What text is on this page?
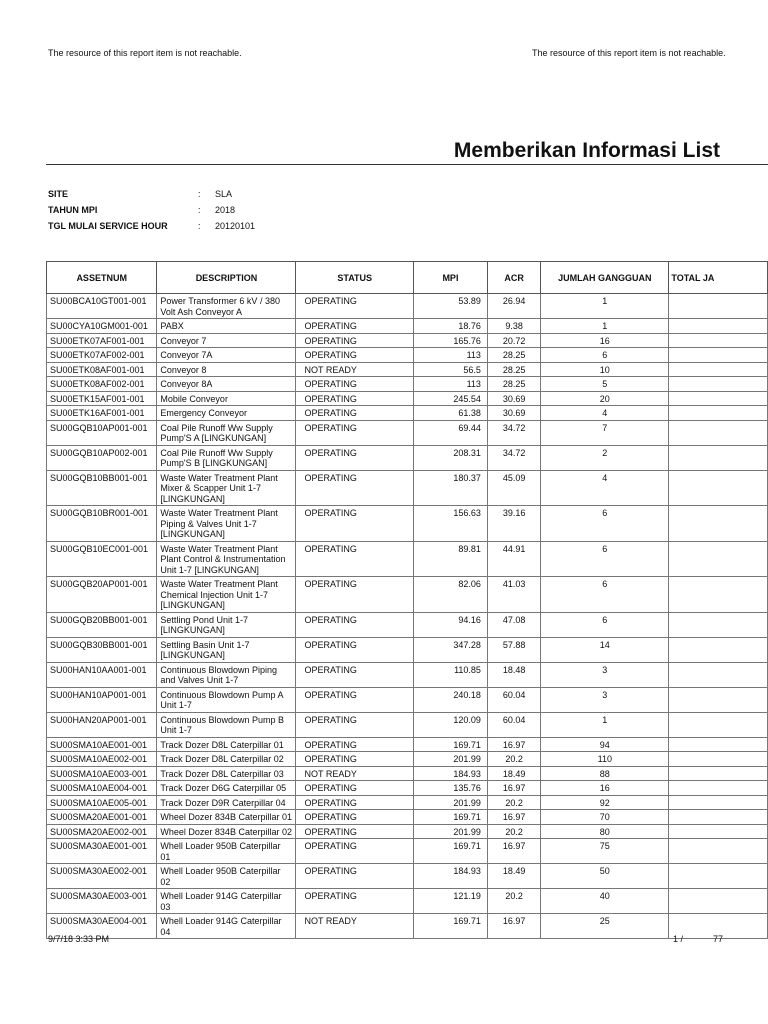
The resource of this report item is not reachable.	The resource of this report item is not reachable.
Memberikan Informasi List
SITE	:	SLA
TAHUN MPI	:	2018
TGL MULAI SERVICE HOUR	:	20120101
ASSETNUM	DESCRIPTION	STATUS	MPI	ACR	JUMLAH GANGGUAN	TOTAL JA
SU00BCA10GT001-001	Power Transformer 6 kV / 380 Volt Ash Conveyor A	OPERATING	53.89	26.94	1	
SU00CYA10GM001-001	PABX	OPERATING	18.76	9.38	1	
SU00ETK07AF001-001	Conveyor 7	OPERATING	165.76	20.72	16	
SU00ETK07AF002-001	Conveyor 7A	OPERATING	113	28.25	6	
SU00ETK08AF001-001	Conveyor 8	NOT READY	56.5	28.25	10	
SU00ETK08AF002-001	Conveyor 8A	OPERATING	113	28.25	5	
SU00ETK15AF001-001	Mobile Conveyor	OPERATING	245.54	30.69	20	
SU00ETK16AF001-001	Emergency Conveyor	OPERATING	61.38	30.69	4	
SU00GQB10AP001-001	Coal Pile Runoff Ww Supply Pump'S A [LINGKUNGAN]	OPERATING	69.44	34.72	7	
SU00GQB10AP002-001	Coal Pile Runoff Ww Supply Pump'S B [LINGKUNGAN]	OPERATING	208.31	34.72	2	
SU00GQB10BB001-001	Waste Water Treatment Plant Mixer & Scapper Unit 1-7 [LINGKUNGAN]	OPERATING	180.37	45.09	4	
SU00GQB10BR001-001	Waste Water Treatment Plant Piping & Valves Unit 1-7 [LINGKUNGAN]	OPERATING	156.63	39.16	6	
SU00GQB10EC001-001	Waste Water Treatment Plant Plant Control & Instrumentation Unit 1-7 [LINGKUNGAN]	OPERATING	89.81	44.91	6	
SU00GQB20AP001-001	Waste Water Treatment Plant Chemical Injection Unit 1-7 [LINGKUNGAN]	OPERATING	82.06	41.03	6	
SU00GQB20BB001-001	Settling Pond Unit 1-7 [LINGKUNGAN]	OPERATING	94.16	47.08	6	
SU00GQB30BB001-001	Settling Basin Unit 1-7 [LINGKUNGAN]	OPERATING	347.28	57.88	14	
SU00HAN10AA001-001	Continuous Blowdown Piping and Valves Unit 1-7	OPERATING	110.85	18.48	3	
SU00HAN10AP001-001	Continuous Blowdown Pump A Unit 1-7	OPERATING	240.18	60.04	3	
SU00HAN20AP001-001	Continuous Blowdown Pump B Unit 1-7	OPERATING	120.09	60.04	1	
SU00SMA10AE001-001	Track Dozer D8L Caterpillar 01	OPERATING	169.71	16.97	94	
SU00SMA10AE002-001	Track Dozer D8L Caterpillar 02	OPERATING	201.99	20.2	110	
SU00SMA10AE003-001	Track Dozer D8L Caterpillar 03	NOT READY	184.93	18.49	88	
SU00SMA10AE004-001	Track Dozer D6G Caterpillar 05	OPERATING	135.76	16.97	16	
SU00SMA10AE005-001	Track Dozer D9R Caterpillar 04	OPERATING	201.99	20.2	92	
SU00SMA20AE001-001	Wheel Dozer 834B Caterpillar 01	OPERATING	169.71	16.97	70	
SU00SMA20AE002-001	Wheel Dozer 834B Caterpillar 02	OPERATING	201.99	20.2	80	
SU00SMA30AE001-001	Whell Loader 950B Caterpillar 01	OPERATING	169.71	16.97	75	
SU00SMA30AE002-001	Whell Loader 950B Caterpillar 02	OPERATING	184.93	18.49	50	
SU00SMA30AE003-001	Whell Loader 914G Caterpillar 03	OPERATING	121.19	20.2	40	
SU00SMA30AE004-001	Whell Loader 914G Caterpillar 04	NOT READY	169.71	16.97	25	
9/7/18 3:33 PM	1 /	77
